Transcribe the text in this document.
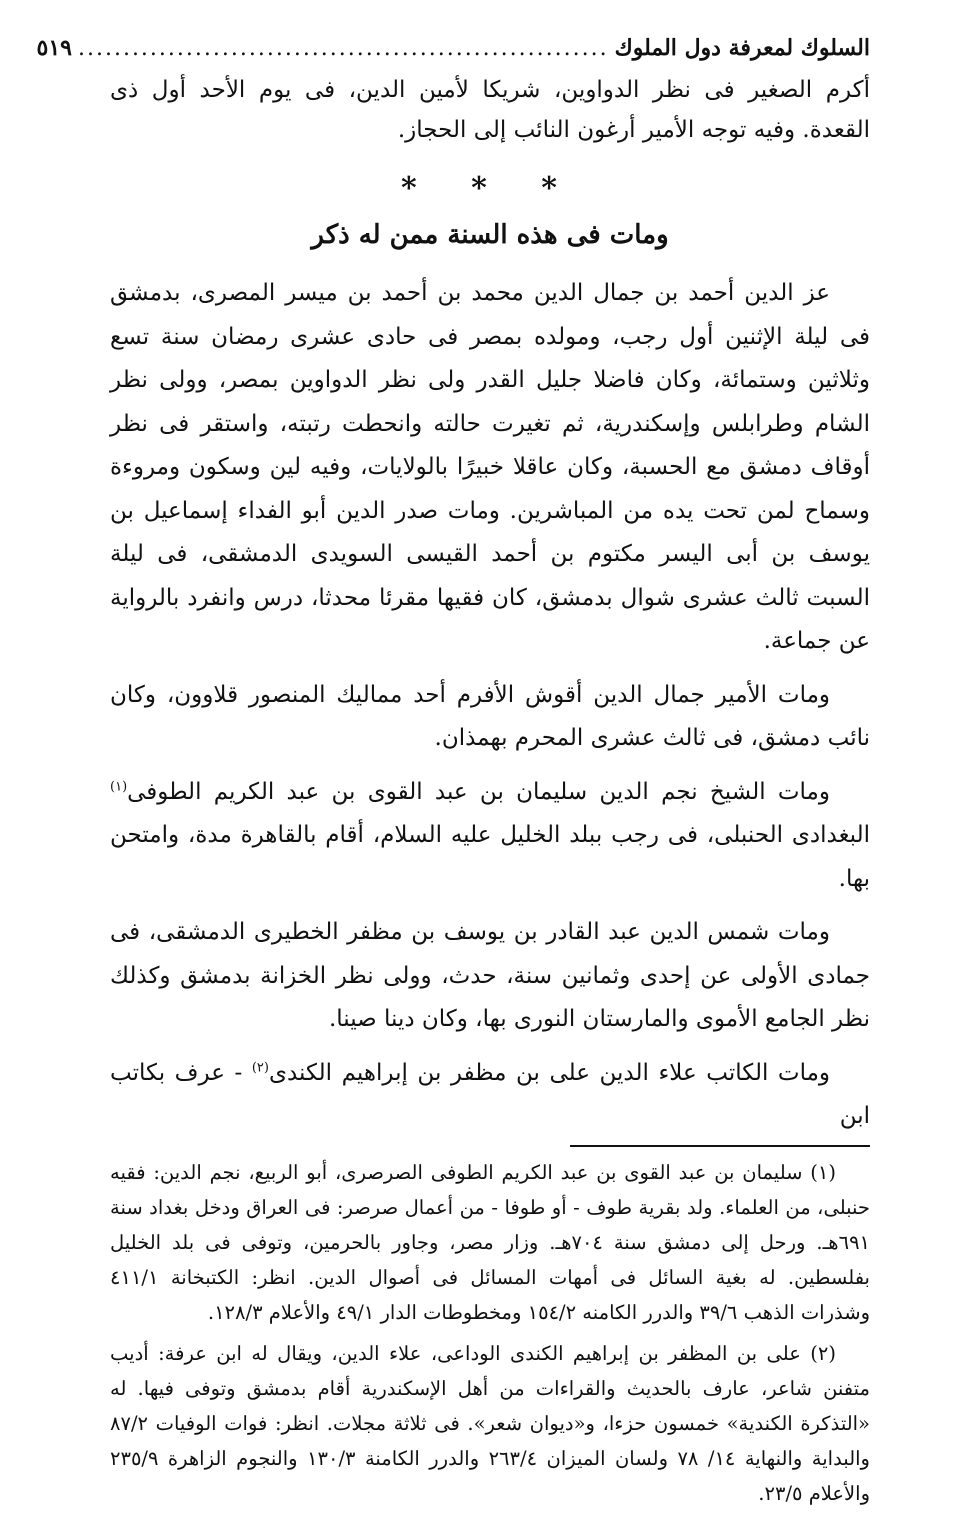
السلوك لمعرفة دول الملوك
...........................................................
٥١٩

أكرم الصغير فى نظر الدواوين، شريكا لأمين الدين، فى يوم الأحد أول ذى القعدة. وفيه توجه الأمير أرغون النائب إلى الحجاز.

* * *
ومات فى هذه السنة ممن له ذكر

عز الدين أحمد بن جمال الدين محمد بن أحمد بن ميسر المصرى، بدمشق فى ليلة الإثنين أول رجب، ومولده بمصر فى حادى عشرى رمضان سنة تسع وثلاثين وستمائة، وكان فاضلا جليل القدر ولى نظر الدواوين بمصر، وولى نظر الشام وطرابلس وإسكندرية، ثم تغيرت حالته وانحطت رتبته، واستقر فى نظر أوقاف دمشق مع الحسبة، وكان عاقلا خبيرًا بالولايات، وفيه لين وسكون ومروءة وسماح لمن تحت يده من المباشرين. ومات صدر الدين أبو الفداء إسماعيل بن يوسف بن أبى اليسر مكتوم بن أحمد القيسى السويدى الدمشقى، فى ليلة السبت ثالث عشرى شوال بدمشق، كان فقيها مقرئا محدثا، درس وانفرد بالرواية عن جماعة.

ومات الأمير جمال الدين أقوش الأفرم أحد مماليك المنصور قلاوون، وكان نائب دمشق، فى ثالث عشرى المحرم بهمذان.

ومات الشيخ نجم الدين سليمان بن عبد القوى بن عبد الكريم الطوفى$^{(١)}$ البغدادى الحنبلى، فى رجب ببلد الخليل عليه السلام، أقام بالقاهرة مدة، وامتحن بها.

ومات شمس الدين عبد القادر بن يوسف بن مظفر الخطيرى الدمشقى، فى جمادى الأولى عن إحدى وثمانين سنة، حدث، وولى نظر الخزانة بدمشق وكذلك نظر الجامع الأموى والمارستان النورى بها، وكان دينا صينا.

ومات الكاتب علاء الدين على بن مظفر بن إبراهيم الكندى$^{(٢)}$ - عرف بكاتب ابن

(١) سليمان بن عبد القوى بن عبد الكريم الطوفى الصرصرى، أبو الربيع، نجم الدين: فقيه حنبلى، من العلماء. ولد بقرية طوف - أو طوفا - من أعمال صرصر: فى العراق ودخل بغداد سنة ٦٩١هـ. ورحل إلى دمشق سنة ٧٠٤هـ. وزار مصر، وجاور بالحرمين، وتوفى فى بلد الخليل بفلسطين. له بغية السائل فى أمهات المسائل فى أصوال الدين. انظر: الكتبخانة ٤١١/١ وشذرات الذهب ٣٩/٦ والدرر الكامنه ١٥٤/٢ ومخطوطات الدار ٤٩/١ والأعلام ١٢٨/٣.

(٢) على بن المظفر بن إبراهيم الكندى الوداعى، علاء الدين، ويقال له ابن عرفة: أديب متفنن شاعر، عارف بالحديث والقراءات من أهل الإسكندرية أقام بدمشق وتوفى فيها. له «التذكرة الكندية» خمسون حزءا، و«ديوان شعر». فى ثلاثة مجلات. انظر: فوات الوفيات ٨٧/٢ والبداية والنهاية ١٤/ ٧٨ ولسان الميزان ٢٦٣/٤ والدرر الكامنة ١٣٠/٣ والنجوم الزاهرة ٢٣٥/٩ والأعلام ٢٣/٥.
